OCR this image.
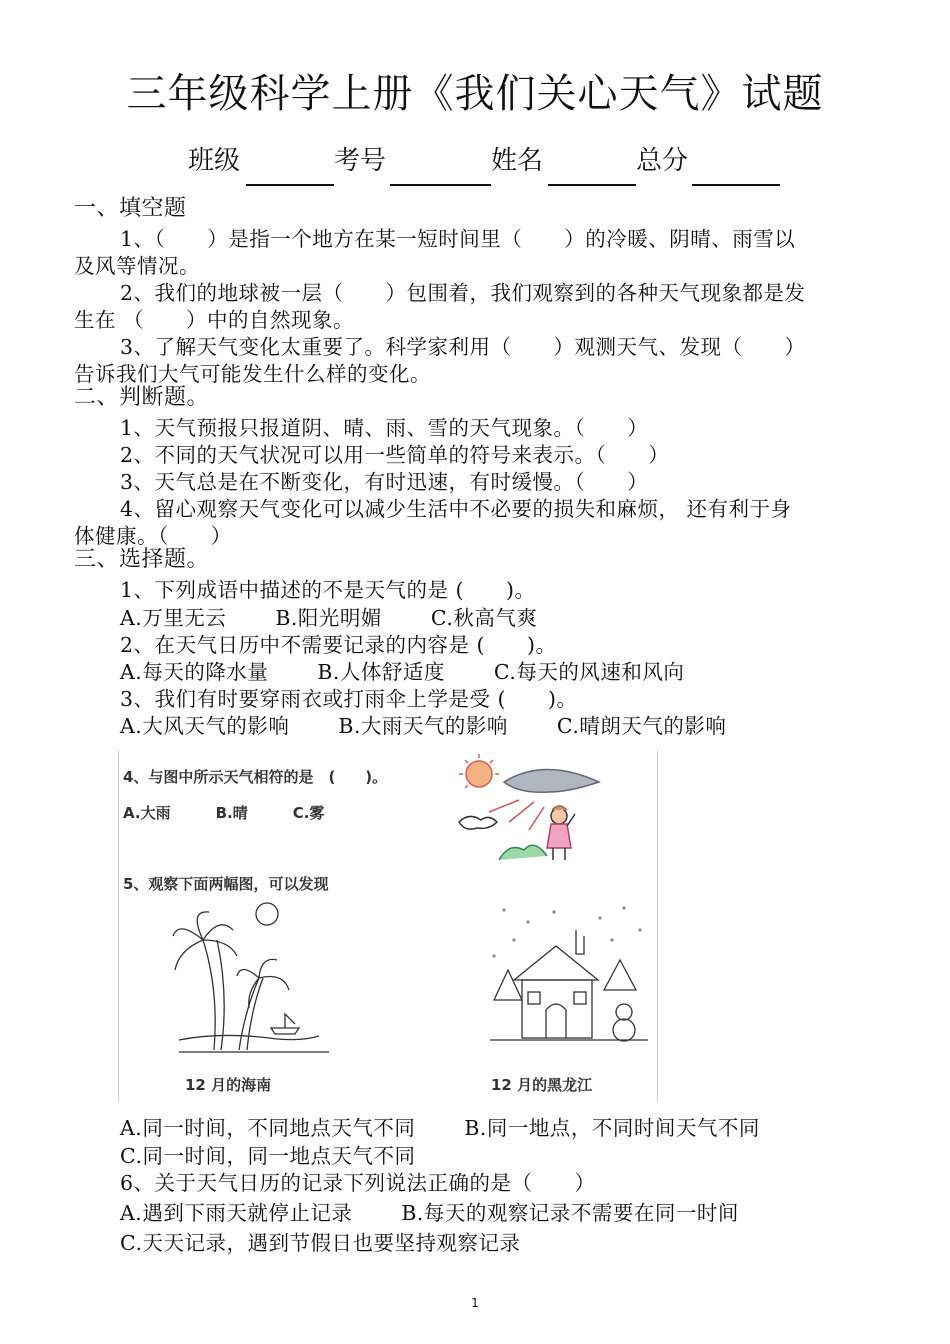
三年级科学上册《我们关心天气》试题
班级	考号	姓名	总分
一、填空题
1、（　　）是指一个地方在某一短时间里（　　）的冷暖、阴晴、雨雪以
及风等情况。
2、我们的地球被一层（　　）包围着，我们观察到的各种天气现象都是发
生在 （　　）中的自然现象。
3、了解天气变化太重要了。科学家利用（　　）观测天气、发现（　　）
告诉我们大气可能发生什么样的变化。
二、判断题。
1、天气预报只报道阴、晴、雨、雪的天气现象。（　　）
2、不同的天气状况可以用一些简单的符号来表示。（　　）
3、天气总是在不断变化，有时迅速，有时缓慢。（　　）
4、留心观察天气变化可以减少生活中不必要的损失和麻烦， 还有利于身
体健康。（　　）
三、选择题。
1、下列成语中描述的不是天气的是 (　　)。
A.万里无云　　 B.阳光明媚　　 C.秋高气爽
2、在天气日历中不需要记录的内容是 (　　)。
A.每天的降水量　　 B.人体舒适度　　 C.每天的风速和风向
3、我们有时要穿雨衣或打雨伞上学是受 (　　)。
A.大风天气的影响　　 B.大雨天气的影响　　 C.晴朗天气的影响
4、与图中所示天气相符的是　(　　)。
A.大雨　　　B.晴　　　C.雾
5、观察下面两幅图，可以发现
12 月的海南	12 月的黑龙江
A.同一时间，不同地点天气不同　　 B.同一地点，不同时间天气不同
C.同一时间，同一地点天气不同
6、关于天气日历的记录下列说法正确的是（　　）
A.遇到下雨天就停止记录　　 B.每天的观察记录不需要在同一时间
C.天天记录，遇到节假日也要坚持观察记录
1
